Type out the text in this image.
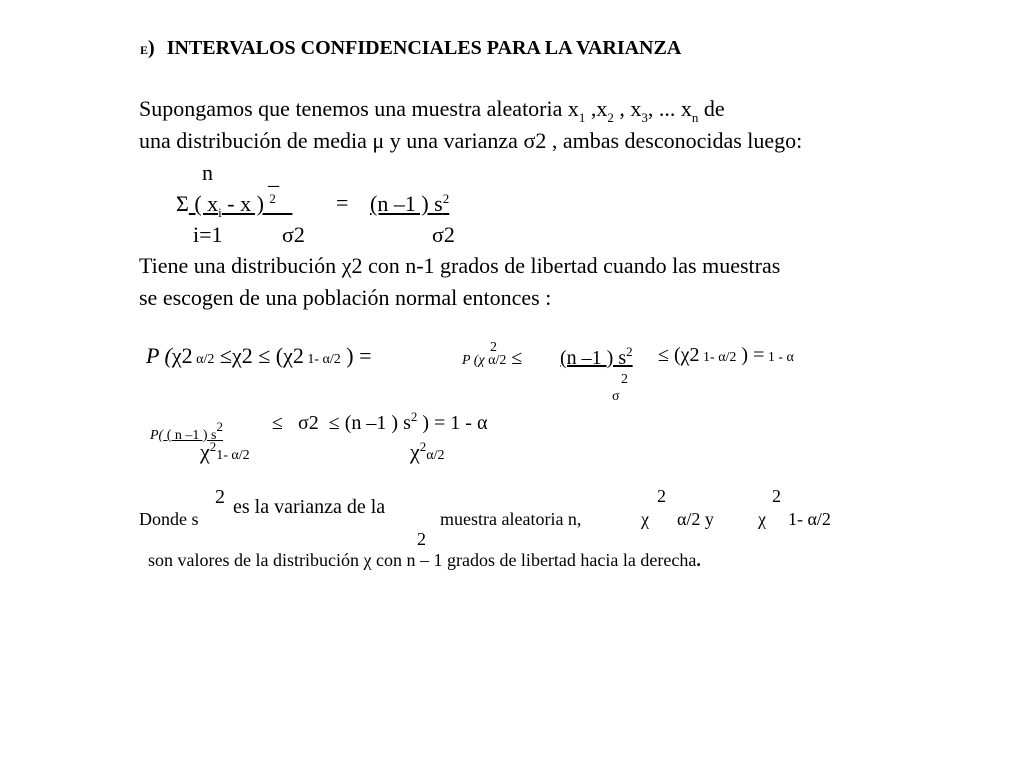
E) INTERVALOS CONFIDENCIALES PARA LA VARIANZA
Supongamos que tenemos una muestra aleatoria $x_1$ $,x_2$ , $x_3$, ... $x_n$ de
una distribución de media μ y una varianza σ2 , ambas desconocidas luego:
n	_
Σ ( $x_i$ - x ) $^2$	= (n –1 ) $s^2$
i=1	σ2	σ2
Tiene una distribución χ2 con n-1 grados de libertad cuando las muestras
se escogen de una población normal entonces :
P (χ2 α/2 ≤χ2 ≤ (χ2 1- α/2 ) =	2
P (χ α/2 ≤ (n –1 ) $s^2 \le (\chi 2$ 1- α/2 ) = 1 - α
2
σ
P( ( n –1 ) s2 ≤ σ2 ≤ (n –1 ) $s^2$ ) = 1 - α
$\chi^21-$ α/2	$\chi^2\alpha/2$
Donde s
2 es la varianza de la
muestra aleatoria n,
2
χ α/2 y
2
χ 1- α/2
2
son valores de la distribución χ con n – 1 grados de libertad hacia la derecha.
